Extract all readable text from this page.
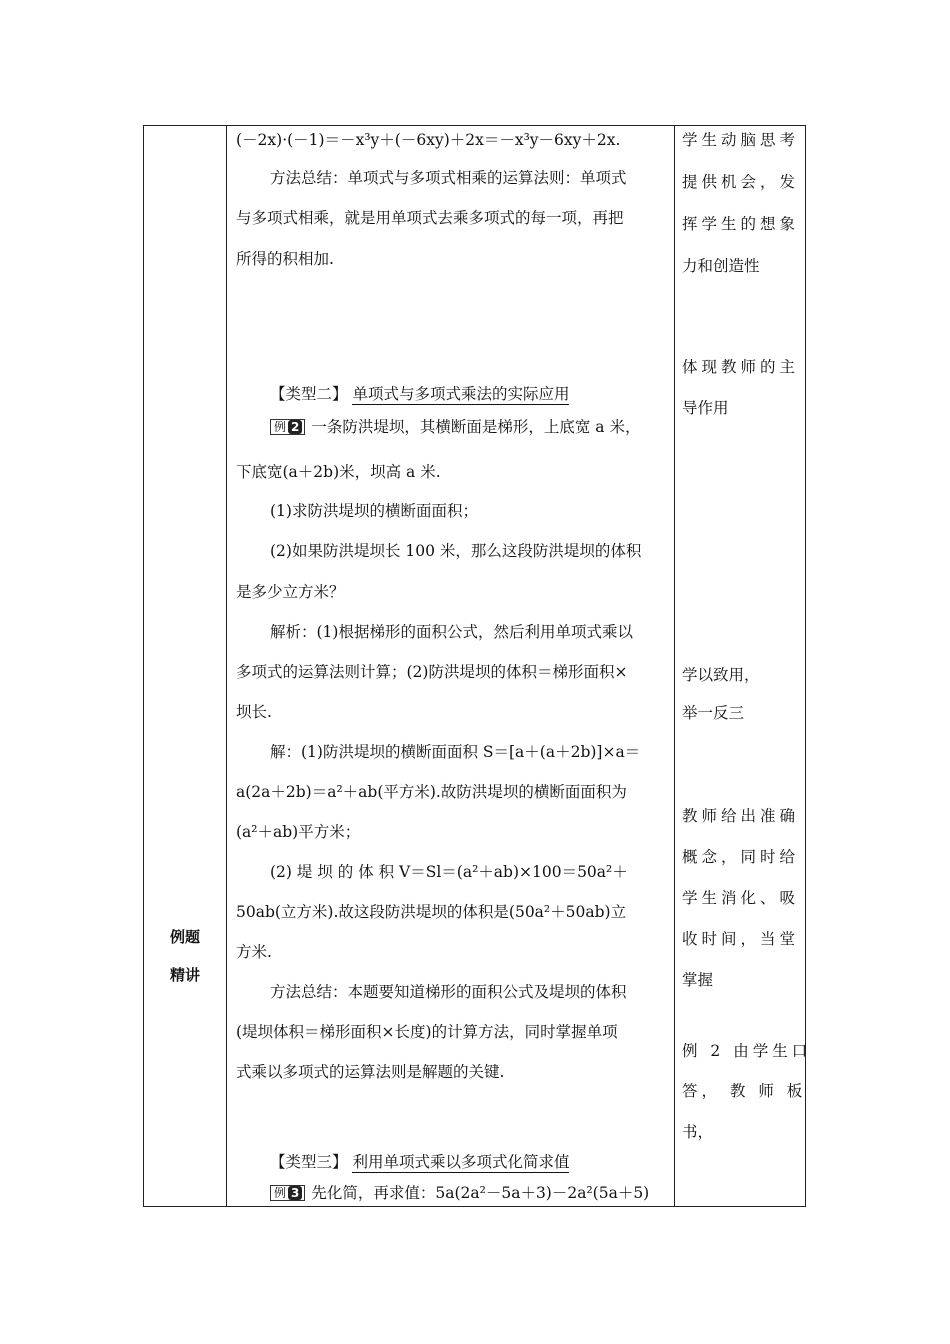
例题
精讲
(－2x)·(－1)＝－x³y＋(－6xy)＋2x＝－x³y－6xy＋2x.
方法总结：单项式与多项式相乘的运算法则：单项式
与多项式相乘，就是用单项式去乘多项式的每一项，再把
所得的积相加.
【类型二】 单项式与多项式乘法的实际应用
例 2 一条防洪堤坝，其横断面是梯形，上底宽 a 米，
下底宽(a＋2b)米，坝高 a 米.
(1)求防洪堤坝的横断面面积；
(2)如果防洪堤坝长 100 米，那么这段防洪堤坝的体积
是多少立方米？
解析：(1)根据梯形的面积公式，然后利用单项式乘以
多项式的运算法则计算；(2)防洪堤坝的体积＝梯形面积×
坝长.
解：(1)防洪堤坝的横断面面积 S＝[a＋(a＋2b)]×a＝
a(2a＋2b)＝a²＋ab(平方米).故防洪堤坝的横断面面积为
(a²＋ab)平方米；
(2) 堤 坝 的 体 积 V＝Sl＝(a²＋ab)×100＝50a²＋
50ab(立方米).故这段防洪堤坝的体积是(50a²＋50ab)立
方米.
方法总结：本题要知道梯形的面积公式及堤坝的体积
(堤坝体积＝梯形面积×长度)的计算方法，同时掌握单项
式乘以多项式的运算法则是解题的关键.
【类型三】 利用单项式乘以多项式化简求值
例 3 先化简，再求值：5a(2a²－5a＋3)－2a²(5a＋5)
学生动脑思考
提供机会，发
挥学生的想象
力和创造性
体现教师的主
导作用
学以致用，
举一反三
教师给出准确
概念，同时给
学生消化、吸
收时间，当堂
掌握
例 2 由学生口
答， 教 师 板
书，
